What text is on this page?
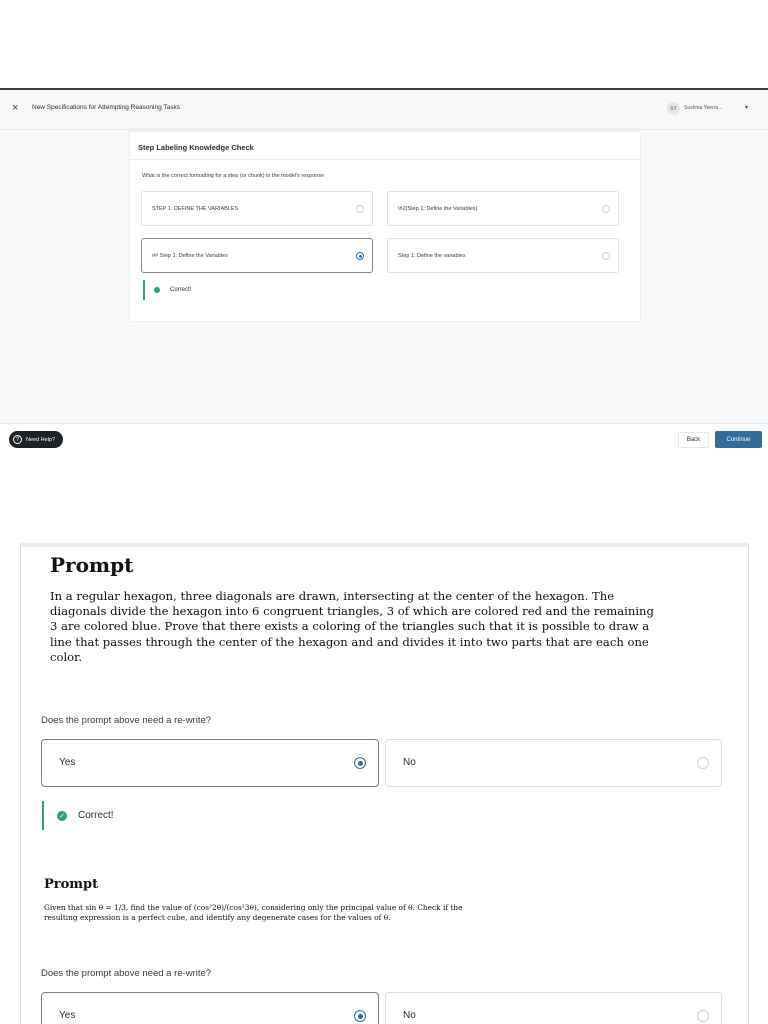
× New Specifications for Attempting Reasoning Tasks	SY	Sushma Yeerra...	▾
Step Labeling Knowledge Check
What is the correct formatting for a step (or chunk) in the model's response
STEP 1: DEFINE THE VARIABLES	\h2{Step 1: Define the Variables}
## Step 1: Define the Variables	Step 1: Define the variables
Correct!
?	Need Help?	Back	Continue
Prompt
In a regular hexagon, three diagonals are drawn, intersecting at the center of the hexagon. The
diagonals divide the hexagon into 6 congruent triangles, 3 of which are colored red and the remaining
3 are colored blue. Prove that there exists a coloring of the triangles such that it is possible to draw a
line that passes through the center of the hexagon and and divides it into two parts that are each one
color.
Does the prompt above need a re-write?
Yes	No
✓ Correct!
Prompt
Given that sin θ = 1/3, find the value of (cos²2θ)/(cos²3θ), considering only the principal value of θ. Check if the
resulting expression is a perfect cube, and identify any degenerate cases for the values of θ.
Does the prompt above need a re-write?
Yes	No
